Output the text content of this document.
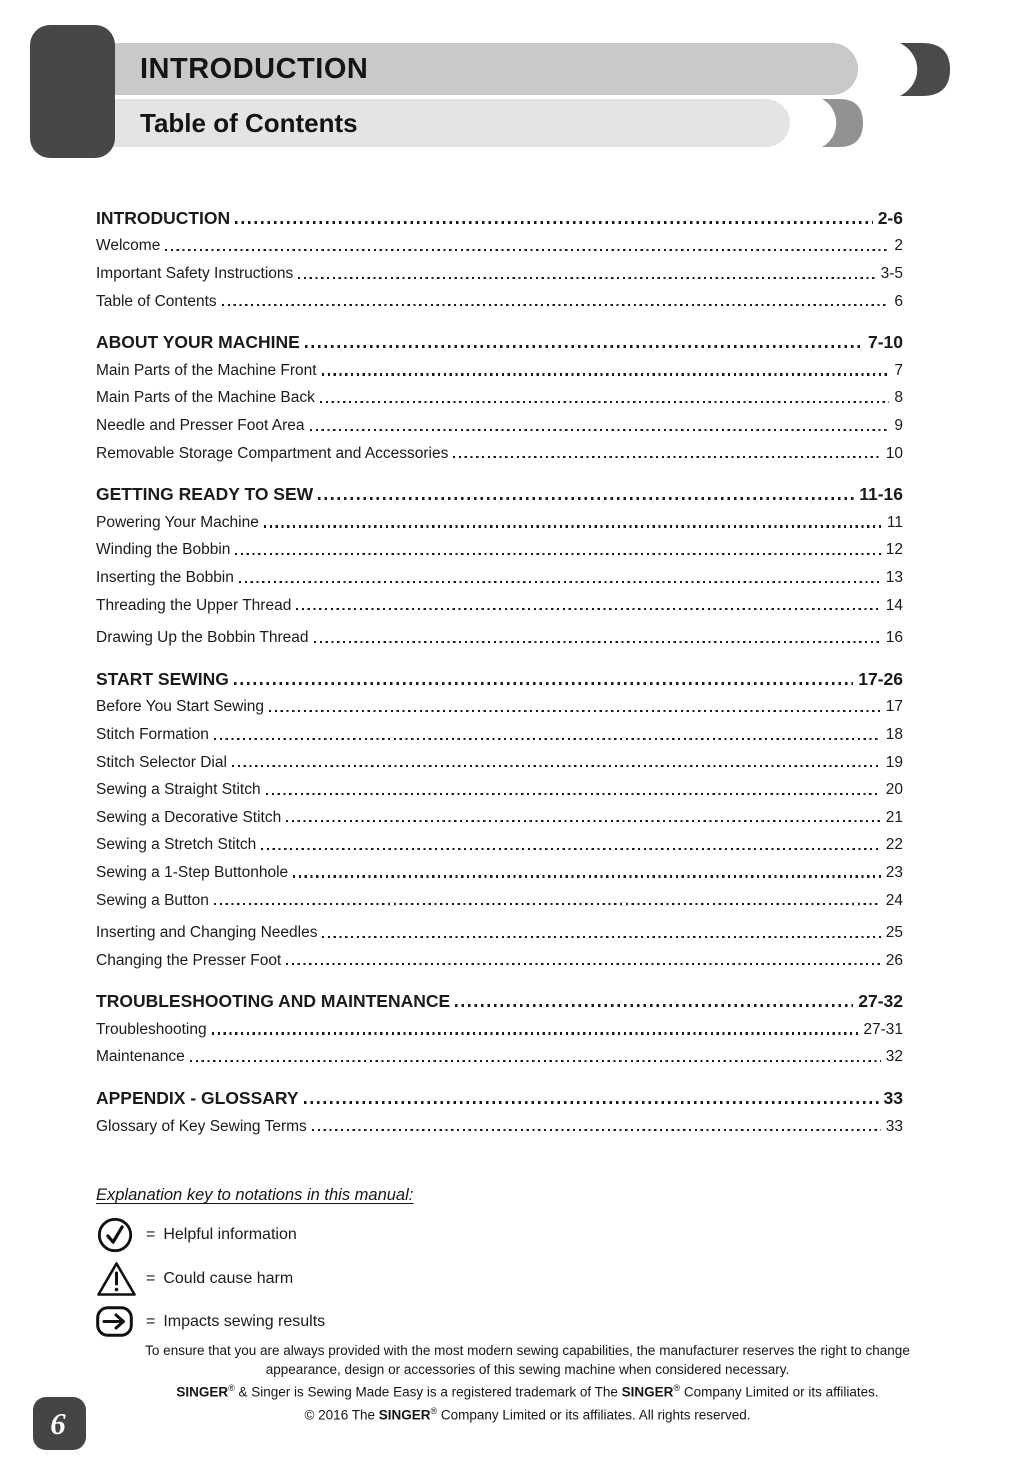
INTRODUCTION
Table of Contents
INTRODUCTION	2-6
Welcome	2
Important Safety Instructions	3-5
Table of Contents	6
ABOUT YOUR MACHINE	7-10
Main Parts of the Machine Front	7
Main Parts of the Machine Back	8
Needle and Presser Foot Area	9
Removable Storage Compartment and Accessories	10
GETTING READY TO SEW	11-16
Powering Your Machine	11
Winding the Bobbin	12
Inserting the Bobbin	13
Threading the Upper Thread	14
Drawing Up the Bobbin Thread	16
START SEWING	17-26
Before You Start Sewing	17
Stitch Formation	18
Stitch Selector Dial	19
Sewing a Straight Stitch	20
Sewing a Decorative Stitch	21
Sewing a Stretch Stitch	22
Sewing a 1-Step Buttonhole	23
Sewing a Button	24
Inserting and Changing Needles	25
Changing the Presser Foot	26
TROUBLESHOOTING AND MAINTENANCE	27-32
Troubleshooting	27-31
Maintenance	32
APPENDIX - GLOSSARY	33
Glossary of Key Sewing Terms	33
Explanation key to notations in this manual:
= Helpful information
= Could cause harm
= Impacts sewing results
To ensure that you are always provided with the most modern sewing capabilities, the manufacturer reserves the right to change
appearance, design or accessories of this sewing machine when considered necessary.
SINGER® & Singer is Sewing Made Easy is a registered trademark of The SINGER® Company Limited or its affiliates.
© 2016 The SINGER® Company Limited or its affiliates. All rights reserved.
6
